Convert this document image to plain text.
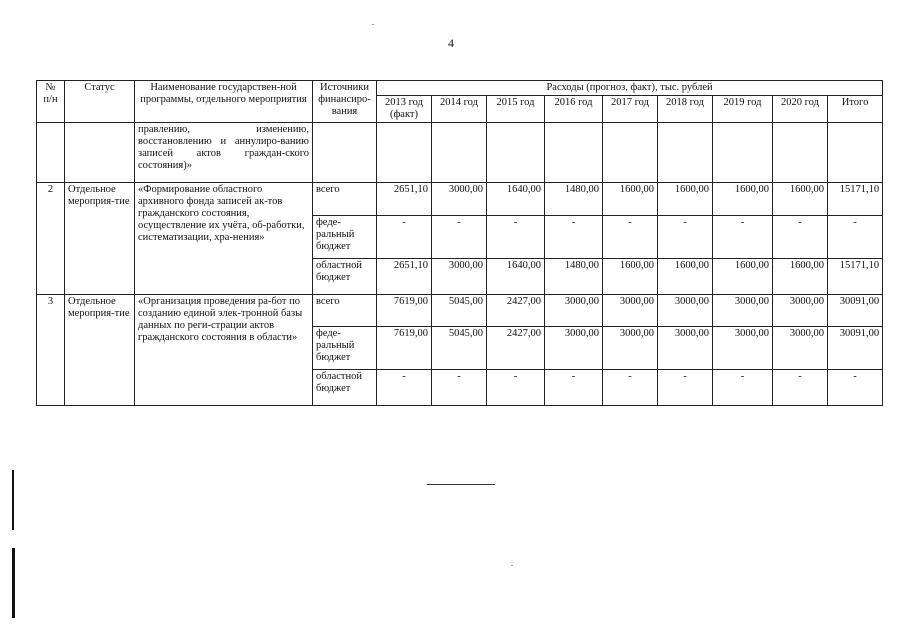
4
№ п/н	Статус	Наименование государствен-ной программы, отдельного мероприятия	Источники финансиро-вания	Расходы (прогноз, факт), тыс. рублей								
				2013 год (факт)	2014 год	2015 год	2016 год	2017 год	2018 год	2019 год	2020 год	Итого
		правлению, изменению, восстановлению и аннулиро-ванию записей актов граждан-ского состояния)»										
2	Отдельное мероприя-тие	«Формирование областного архивного фонда записей ак-тов гражданского состояния, осуществление их учёта, об-работки, систематизации, хра-нения»	всего	2651,10	3000,00	1640,00	1480,00	1600,00	1600,00	1600,00	1600,00	15171,10
			феде-ральный бюджет	-	-	-	-	-	-	-	-	-
			областной бюджет	2651,10	3000,00	1640,00	1480,00	1600,00	1600,00	1600,00	1600,00	15171,10
3	Отдельное мероприя-тие	«Организация проведения ра-бот по созданию единой элек-тронной базы данных по реги-страции актов гражданского состояния в области»	всего	7619,00	5045,00	2427,00	3000,00	3000,00	3000,00	3000,00	3000,00	30091,00
			феде-ральный бюджет	7619,00	5045,00	2427,00	3000,00	3000,00	3000,00	3000,00	3000,00	30091,00
			областной бюджет	-	-	-	-	-	-	-	-	-
